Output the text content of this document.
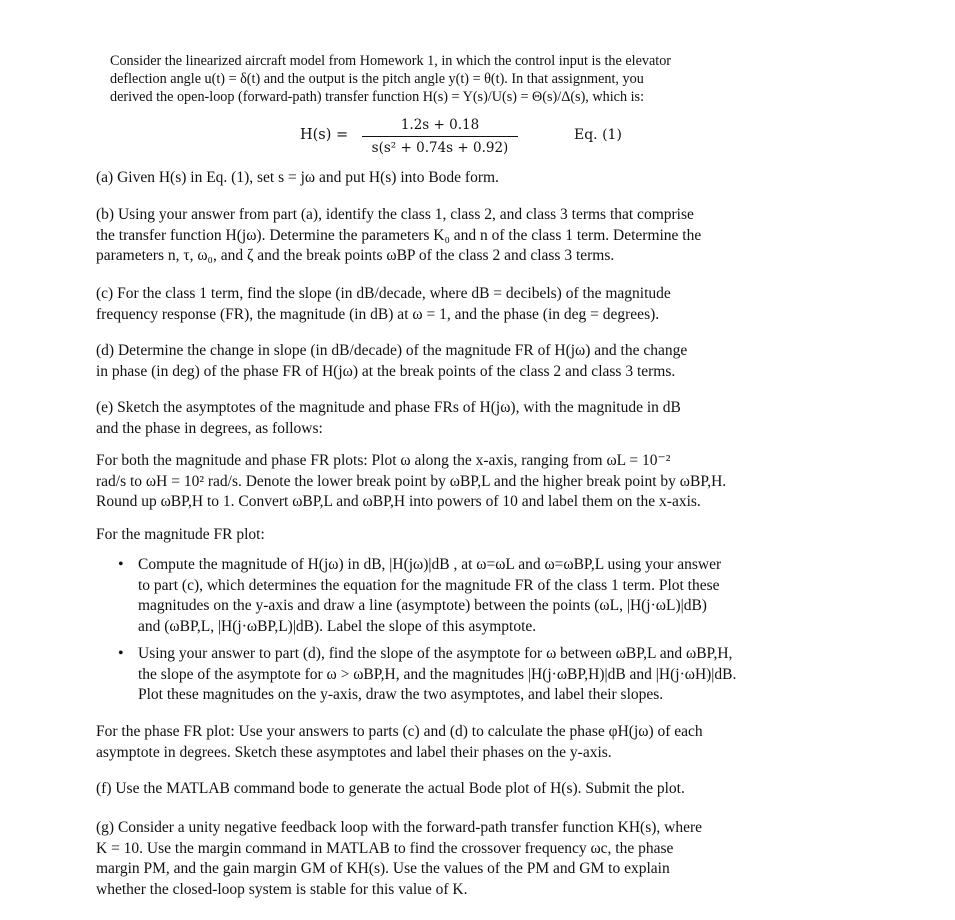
Consider the linearized aircraft model from Homework 1, in which the control input is the elevator

deflection angle u(t) = δ(t) and the output is the pitch angle y(t) = θ(t). In that assignment, you

derived the open-loop (forward-path) transfer function H(s) = Y(s)/U(s) = Θ(s)/Δ(s), which is:

H(s) =
1.2s + 0.18
s(s² + 0.74s + 0.92)
Eq. (1)

(a) Given H(s) in Eq. (1), set s = jω and put H(s) into Bode form.

(b) Using your answer from part (a), identify the class 1, class 2, and class 3 terms that comprise

the transfer function H(jω). Determine the parameters K₀ and n of the class 1 term. Determine the

parameters n, τ, ω₀, and ζ and the break points ωBP of the class 2 and class 3 terms.

(c) For the class 1 term, find the slope (in dB/decade, where dB = decibels) of the magnitude

frequency response (FR), the magnitude (in dB) at ω = 1, and the phase (in deg = degrees).

(d) Determine the change in slope (in dB/decade) of the magnitude FR of H(jω) and the change

in phase (in deg) of the phase FR of H(jω) at the break points of the class 2 and class 3 terms.

(e) Sketch the asymptotes of the magnitude and phase FRs of H(jω), with the magnitude in dB

and the phase in degrees, as follows:

For both the magnitude and phase FR plots: Plot ω along the x-axis, ranging from ωL = 10⁻²

rad/s to ωH = 10² rad/s. Denote the lower break point by ωBP,L and the higher break point by ωBP,H.

Round up ωBP,H to 1. Convert ωBP,L and ωBP,H into powers of 10 and label them on the x-axis.

For the magnitude FR plot:

• Compute the magnitude of H(jω) in dB, |H(jω)|dB , at ω=ωL and ω=ωBP,L using your answer

to part (c), which determines the equation for the magnitude FR of the class 1 term. Plot these

magnitudes on the y-axis and draw a line (asymptote) between the points (ωL, |H(j·ωL)|dB)

and (ωBP,L, |H(j·ωBP,L)|dB). Label the slope of this asymptote.

• Using your answer to part (d), find the slope of the asymptote for ω between ωBP,L and ωBP,H,

the slope of the asymptote for ω > ωBP,H, and the magnitudes |H(j·ωBP,H)|dB and |H(j·ωH)|dB.

Plot these magnitudes on the y-axis, draw the two asymptotes, and label their slopes.

For the phase FR plot: Use your answers to parts (c) and (d) to calculate the phase φH(jω) of each

asymptote in degrees. Sketch these asymptotes and label their phases on the y-axis.

(f) Use the MATLAB command bode to generate the actual Bode plot of H(s). Submit the plot.

(g) Consider a unity negative feedback loop with the forward-path transfer function KH(s), where

K = 10. Use the margin command in MATLAB to find the crossover frequency ωc, the phase

margin PM, and the gain margin GM of KH(s). Use the values of the PM and GM to explain

whether the closed-loop system is stable for this value of K.
